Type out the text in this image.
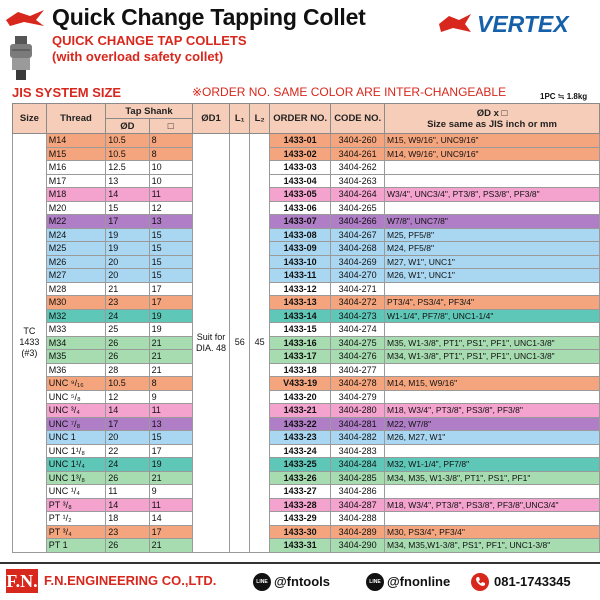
Quick Change Tapping Collet	VERTEX
QUICK CHANGE TAP COLLETS
(with overload safety collet)
JIS SYSTEM SIZE	※ORDER NO. SAME COLOR ARE INTER-CHANGEABLE	1PC ≒ 1.8kg
Size	Thread	Tap Shank		ØD1	L₁	L₂	ORDER NO.	CODE NO.	ØD x □
Size same as JIS inch or mm

		ØD	□						
TC 1433 (#3)	M14	10.5	8	Suit for DIA. 48	56	45	1433-01	3404-260	M15, W9/16", UNC9/16"
	M15	10.5	8				1433-02	3404-261	M14, W9/16", UNC9/16"
	M16	12.5	10				1433-03	3404-262	
	M17	13	10				1433-04	3404-263	
	M18	14	11				1433-05	3404-264	W3/4", UNC3/4", PT3/8", PS3/8", PF3/8"
	M20	15	12				1433-06	3404-265	
	M22	17	13				1433-07	3404-266	W7/8", UNC7/8"
	M24	19	15				1433-08	3404-267	M25, PF5/8"
	M25	19	15				1433-09	3404-268	M24, PF5/8"
	M26	20	15				1433-10	3404-269	M27, W1", UNC1"
	M27	20	15				1433-11	3404-270	M26, W1", UNC1"
	M28	21	17				1433-12	3404-271	
	M30	23	17				1433-13	3404-272	PT3/4", PS3/4", PF3/4"
	M32	24	19				1433-14	3404-273	W1-1/4", PF7/8", UNC1-1/4"
	M33	25	19				1433-15	3404-274	
	M34	26	21				1433-16	3404-275	M35, W1-3/8", PT1", PS1", PF1", UNC1-3/8"
	M35	26	21				1433-17	3404-276	M34, W1-3/8", PT1", PS1", PF1", UNC1-3/8"
	M36	28	21				1433-18	3404-277	
	UNC ⁹/₁₆	10.5	8				V433-19	3404-278	M14, M15, W9/16"
	UNC ⁵/₈	12	9				1433-20	3404-279	
	UNC ³/₄	14	11				1433-21	3404-280	M18, W3/4", PT3/8", PS3/8", PF3/8"
	UNC ⁷/₈	17	13				1433-22	3404-281	M22, W7/8"
	UNC 1	20	15				1433-23	3404-282	M26, M27, W1"
	UNC 1¹/₈	22	17				1433-24	3404-283	
	UNC 1¹/₄	24	19				1433-25	3404-284	M32, W1-1/4", PF7/8"
	UNC 1³/₈	26	21				1433-26	3404-285	M34, M35, W1-3/8", PT1", PS1", PF1"
	UNC ¹/₄	11	9				1433-27	3404-286	
	PT ³/₈	14	11				1433-28	3404-287	M18, W3/4", PT3/8", PS3/8", PF3/8",UNC3/4"
	PT ¹/₂	18	14				1433-29	3404-288	
	PT ³/₄	23	17				1433-30	3404-289	M30, PS3/4", PF3/4"
	PT 1	26	21				1433-31	3404-290	M34, M35,W1-3/8", PS1", PF1", UNC1-3/8"
F.N. F.N.ENGINEERING CO.,LTD.	LINE @fntools	LINE @fnonline	081-1743345
